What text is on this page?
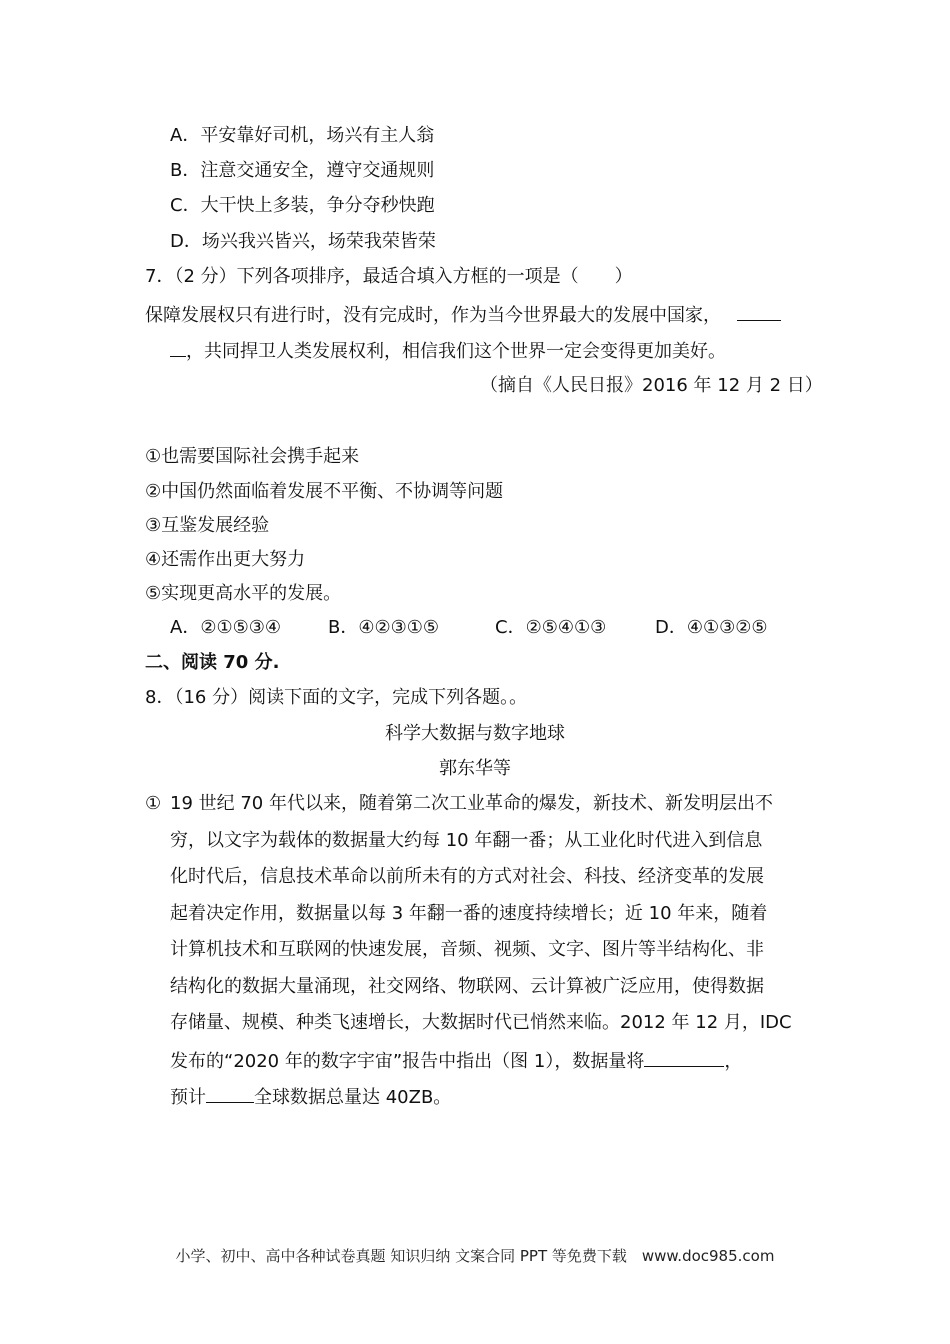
A．平安靠好司机，场兴有主人翁
B．注意交通安全，遵守交通规则
C．大干快上多装，争分夺秒快跑
D．场兴我兴皆兴，场荣我荣皆荣
7．（2 分）下列各项排序，最适合填入方框的一项是（　　）
保障发展权只有进行时，没有完成时，作为当今世界最大的发展中国家，
，共同捍卫人类发展权利，相信我们这个世界一定会变得更加美好。
（摘自《人民日报》2016 年 12 月 2 日）
①也需要国际社会携手起来
②中国仍然面临着发展不平衡、不协调等问题
③互鉴发展经验
④还需作出更大努力
⑤实现更高水平的发展。
A．②①⑤③④	B．④②③①⑤	C．②⑤④①③	D．④①③②⑤
二、阅读 70 分.
8．（16 分）阅读下面的文字，完成下列各题。。
科学大数据与数字地球
郭东华等
① 19 世纪 70 年代以来，随着第二次工业革命的爆发，新技术、新发明层出不
穷，以文字为载体的数据量大约每 10 年翻一番；从工业化时代进入到信息
化时代后，信息技术革命以前所未有的方式对社会、科技、经济变革的发展
起着决定作用，数据量以每 3 年翻一番的速度持续增长；近 10 年来，随着
计算机技术和互联网的快速发展，音频、视频、文字、图片等半结构化、非
结构化的数据大量涌现，社交网络、物联网、云计算被广泛应用，使得数据
存储量、规模、种类飞速增长，大数据时代已悄然来临。2012 年 12 月，IDC
发布的“2020 年的数字宇宙”报告中指出（图 1），数据量将	，
预计	全球数据总量达 40ZB。
小学、初中、高中各种试卷真题 知识归纳 文案合同 PPT 等免费下载　www.doc985.com
